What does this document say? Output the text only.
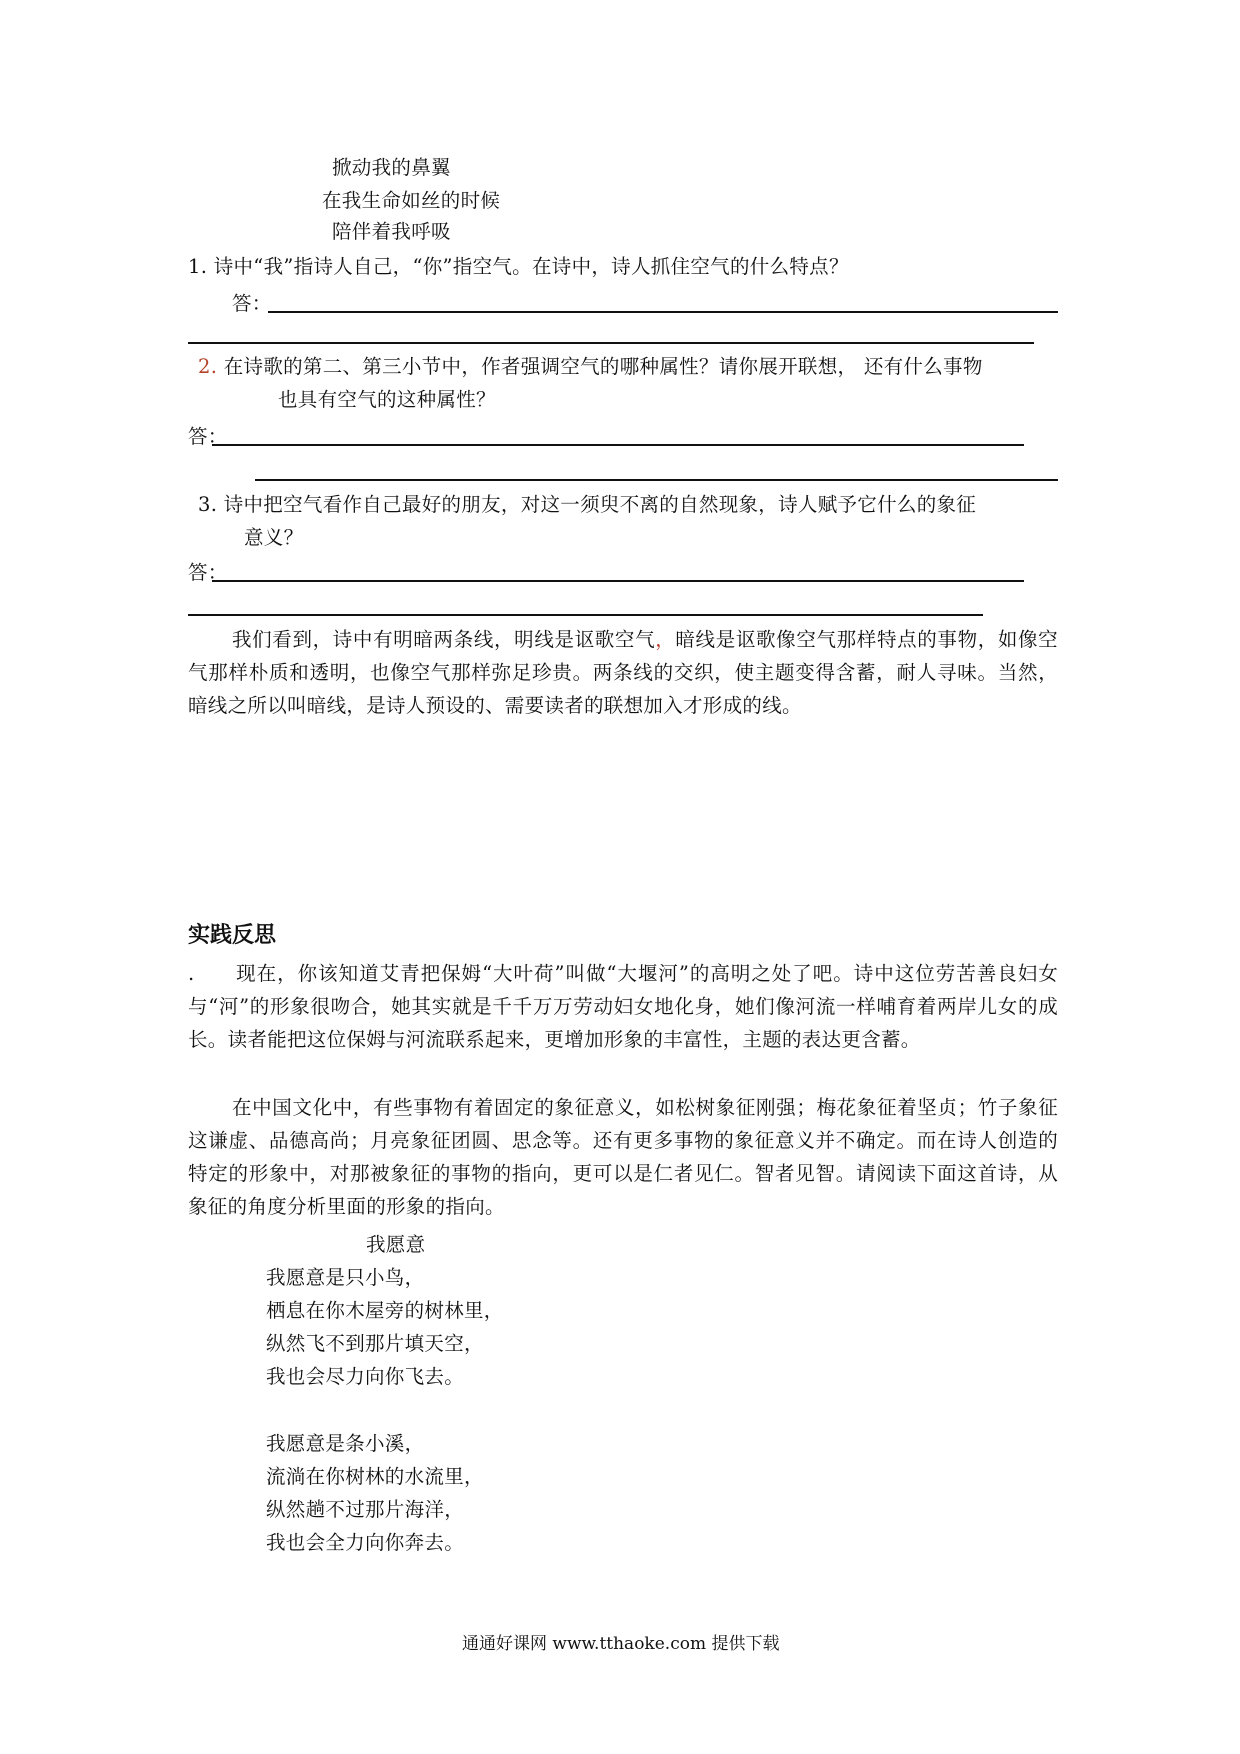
掀动我的鼻翼
在我生命如丝的时候
陪伴着我呼吸
1. 诗中“我”指诗人自己，“你”指空气。在诗中，诗人抓住空气的什么特点？
答：
2. 在诗歌的第二、第三小节中，作者强调空气的哪种属性？请你展开联想， 还有什么事物
也具有空气的这种属性？
答：
3. 诗中把空气看作自己最好的朋友，对这一须臾不离的自然现象，诗人赋予它什么的象征
意义？
答：
我们看到，诗中有明暗两条线，明线是讴歌空气，暗线是讴歌像空气那样特点的事物，如像空气那样朴质和透明，也像空气那样弥足珍贵。两条线的交织，使主题变得含蓄，耐人寻味。当然，暗线之所以叫暗线，是诗人预设的、需要读者的联想加入才形成的线。
实践反思
.　　现在，你该知道艾青把保姆“大叶荷”叫做“大堰河”的高明之处了吧。诗中这位劳苦善良妇女与“河”的形象很吻合，她其实就是千千万万劳动妇女地化身，她们像河流一样哺育着两岸儿女的成长。读者能把这位保姆与河流联系起来，更增加形象的丰富性，主题的表达更含蓄。
在中国文化中，有些事物有着固定的象征意义，如松树象征刚强；梅花象征着坚贞；竹子象征这谦虚、品德高尚；月亮象征团圆、思念等。还有更多事物的象征意义并不确定。而在诗人创造的特定的形象中，对那被象征的事物的指向，更可以是仁者见仁。智者见智。请阅读下面这首诗，从象征的角度分析里面的形象的指向。
我愿意
我愿意是只小鸟，
栖息在你木屋旁的树林里，
纵然飞不到那片填天空，
我也会尽力向你飞去。
我愿意是条小溪，
流淌在你树林的水流里，
纵然趟不过那片海洋，
我也会全力向你奔去。
通通好课网 www.tthaoke.com 提供下载
